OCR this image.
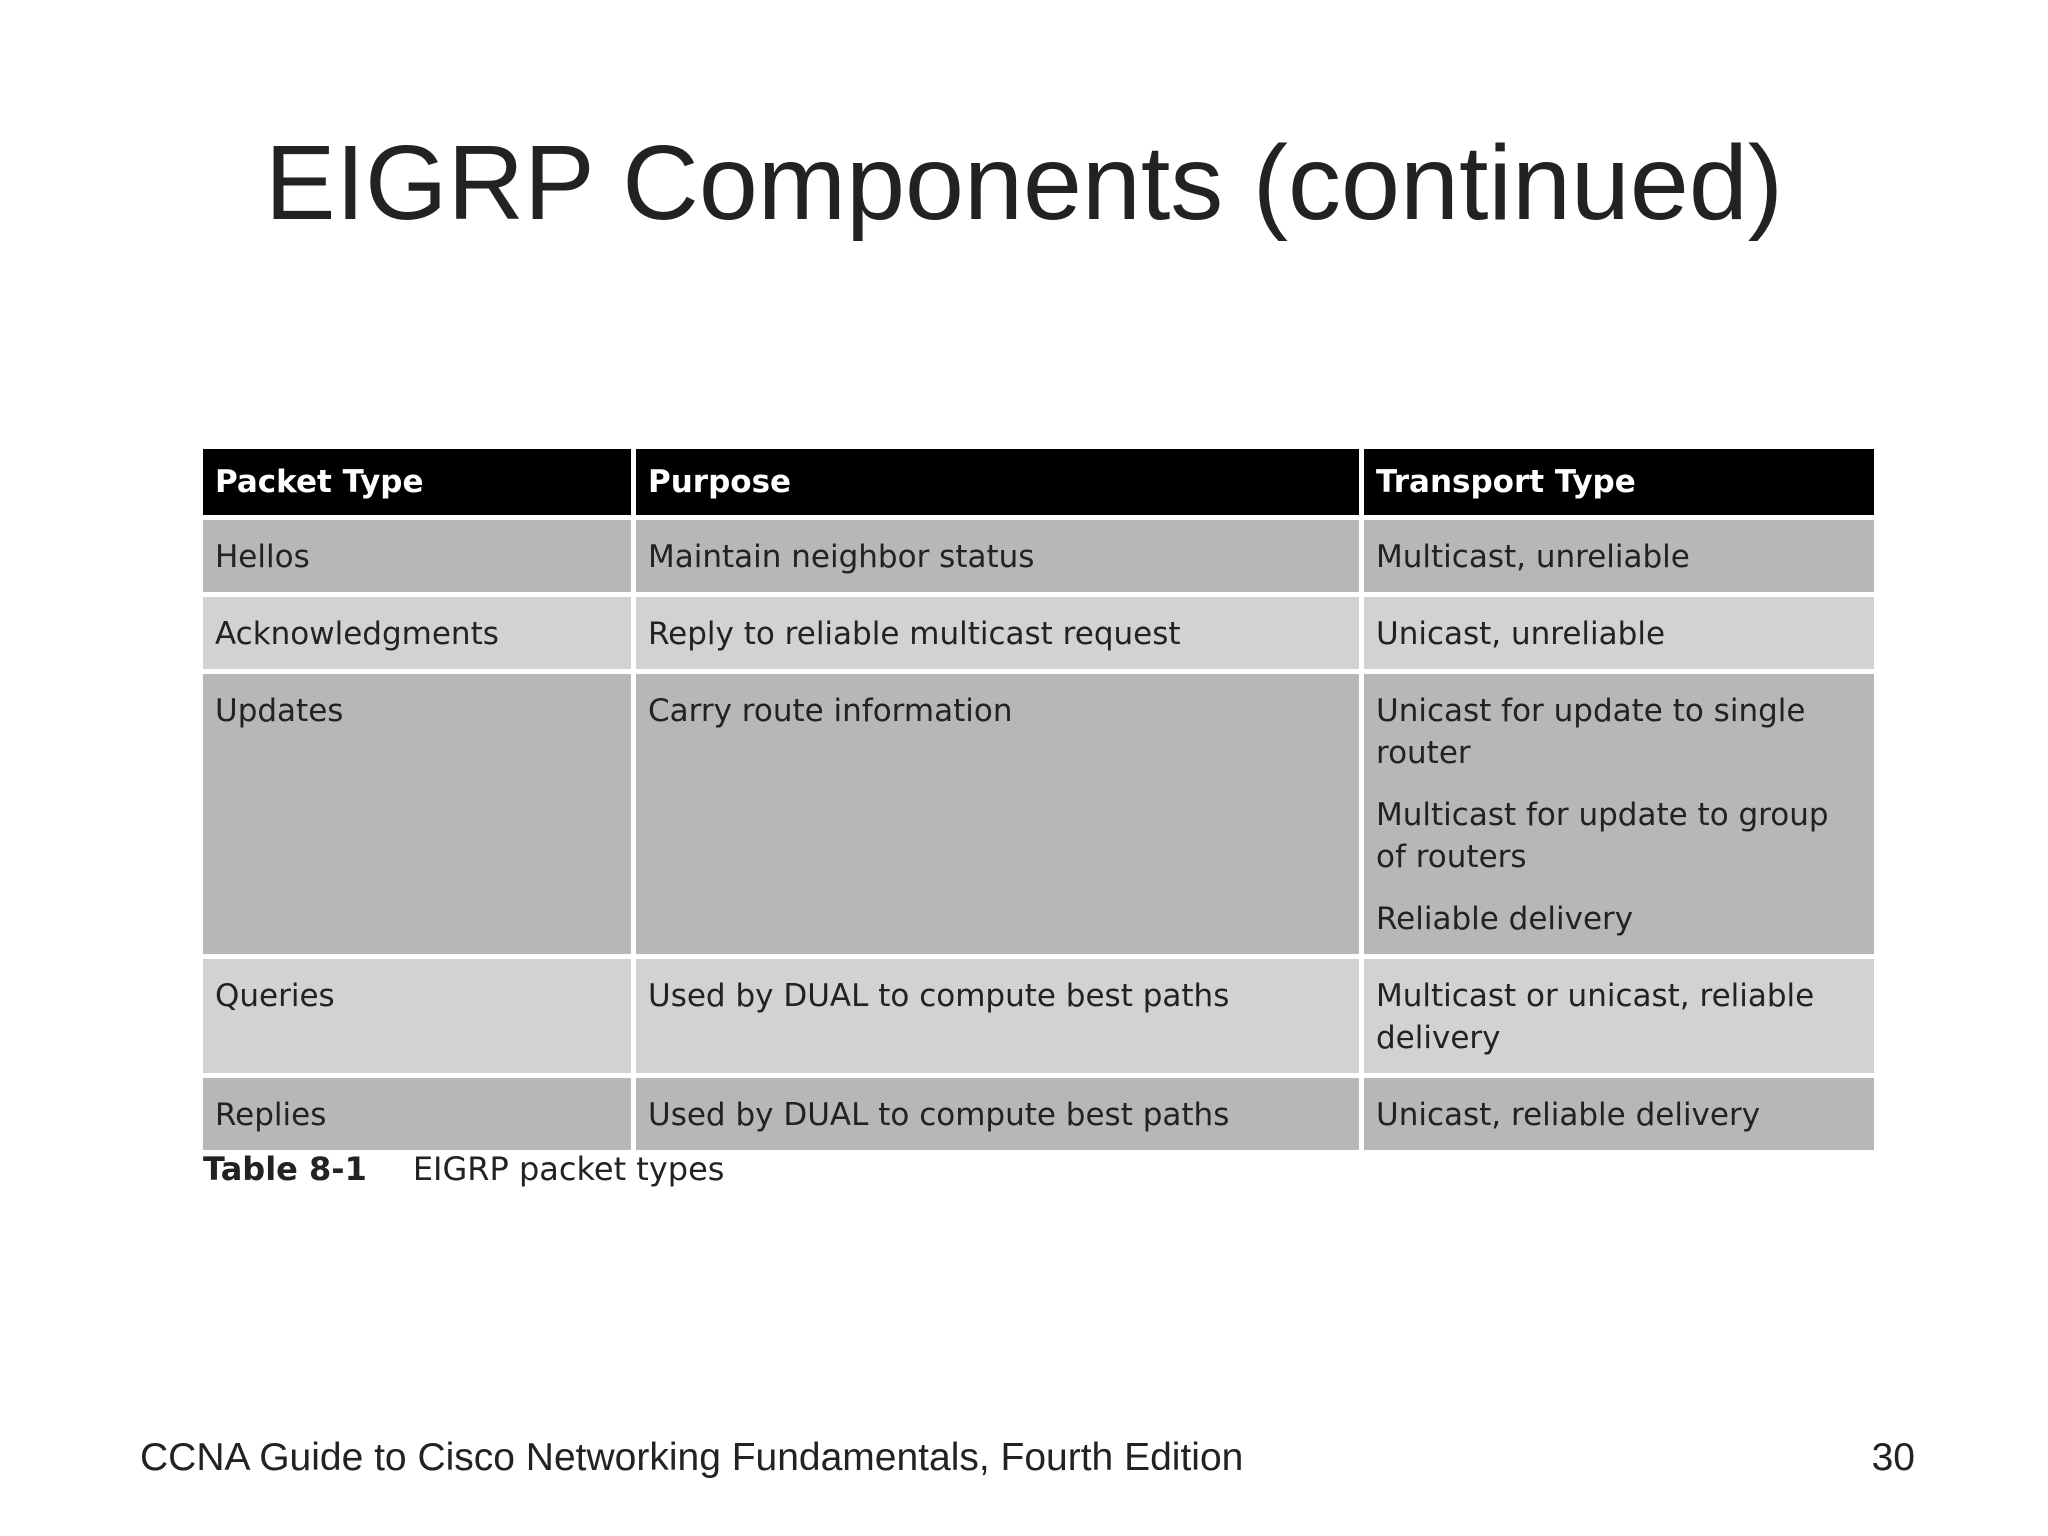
EIGRP Components (continued)
Packet Type	Purpose	Transport Type
Hellos	Maintain neighbor status	Multicast, unreliable

Acknowledgments	Reply to reliable multicast request	Unicast, unreliable

Updates	Carry route information	Unicast for update to single router
Multicast for update to group of routers
Reliable delivery

Queries	Used by DUAL to compute best paths	Multicast or unicast, reliable delivery

Replies	Used by DUAL to compute best paths	Unicast, reliable delivery
Table 8-1 EIGRP packet types
CCNA Guide to Cisco Networking Fundamentals, Fourth Edition	30
